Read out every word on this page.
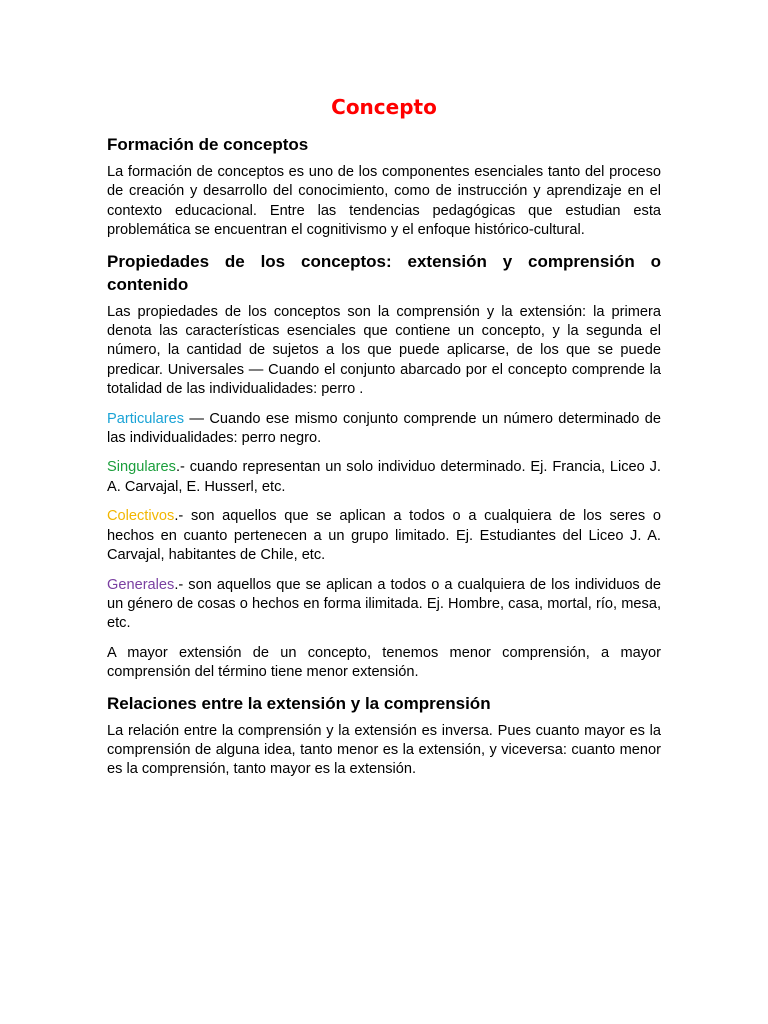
Concepto
Formación de conceptos

La formación de conceptos es uno de los componentes esenciales tanto del proceso de creación y desarrollo del conocimiento, como de instrucción y aprendizaje en el contexto educacional. Entre las tendencias pedagógicas que estudian esta problemática se encuentran el cognitivismo y el enfoque histórico-cultural.

Propiedades de los conceptos: extensión y comprensión o contenido

Las propiedades de los conceptos son la comprensión y la extensión: la primera denota las características esenciales que contiene un concepto, y la segunda el número, la cantidad de sujetos a los que puede aplicarse, de los que se puede predicar. Universales — Cuando el conjunto abarcado por el concepto comprende la totalidad de las individualidades: perro .

Particulares — Cuando ese mismo conjunto comprende un número determinado de las individualidades: perro negro.

Singulares.- cuando representan un solo individuo determinado. Ej. Francia, Liceo J. A. Carvajal, E. Husserl, etc.

Colectivos.- son aquellos que se aplican a todos o a cualquiera de los seres o hechos en cuanto pertenecen a un grupo limitado. Ej. Estudiantes del Liceo J. A. Carvajal, habitantes de Chile, etc.

Generales.- son aquellos que se aplican a todos o a cualquiera de los individuos de un género de cosas o hechos en forma ilimitada. Ej. Hombre, casa, mortal, río, mesa, etc.

A mayor extensión de un concepto, tenemos menor comprensión, a mayor comprensión del término tiene menor extensión.

Relaciones entre la extensión y la comprensión

La relación entre la comprensión y la extensión es inversa. Pues cuanto mayor es la comprensión de alguna idea, tanto menor es la extensión, y viceversa: cuanto menor es la comprensión, tanto mayor es la extensión.
